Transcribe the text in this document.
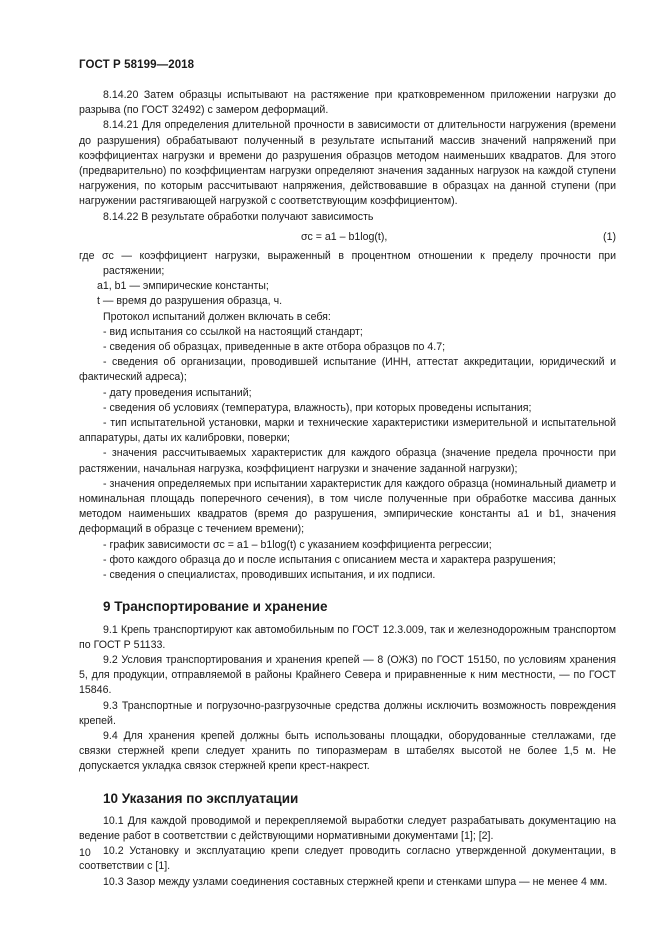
ГОСТ Р 58199—2018

8.14.20 Затем образцы испытывают на растяжение при кратковременном приложении нагрузки до разрыва (по ГОСТ 32492) с замером деформаций.

8.14.21 Для определения длительной прочности в зависимости от длительности нагружения (времени до разрушения) обрабатывают полученный в результате испытаний массив значений напряжений при коэффициентах нагрузки и времени до разрушения образцов методом наименьших квадратов. Для этого (предварительно) по коэффициентам нагрузки определяют значения заданных нагрузок на каждой ступени нагружения, по которым рассчитывают напряжения, действовавшие в образцах на данной ступени (при нагружении растягивающей нагрузкой с соответствующим коэффициентом).

8.14.22 В результате обработки получают зависимость

σc = a1 – b1log(t),	(1)

где σc — коэффициент нагрузки, выраженный в процентном отношении к пределу прочности при растяжении;

a1, b1 — эмпирические константы;

t — время до разрушения образца, ч.

Протокол испытаний должен включать в себя:

- вид испытания со ссылкой на настоящий стандарт;

- сведения об образцах, приведенные в акте отбора образцов по 4.7;

- сведения об организации, проводившей испытание (ИНН, аттестат аккредитации, юридический и фактический адреса);

- дату проведения испытаний;

- сведения об условиях (температура, влажность), при которых проведены испытания;

- тип испытательной установки, марки и технические характеристики измерительной и испытательной аппаратуры, даты их калибровки, поверки;

- значения рассчитываемых характеристик для каждого образца (значение предела прочности при растяжении, начальная нагрузка, коэффициент нагрузки и значение заданной нагрузки);

- значения определяемых при испытании характеристик для каждого образца (номинальный диаметр и номинальная площадь поперечного сечения), в том числе полученные при обработке массива данных методом наименьших квадратов (время до разрушения, эмпирические константы a1 и b1, значения деформаций в образце с течением времени);

- график зависимости σc = a1 – b1log(t) с указанием коэффициента регрессии;

- фото каждого образца до и после испытания с описанием места и характера разрушения;

- сведения о специалистах, проводивших испытания, и их подписи.

9 Транспортирование и хранение

9.1 Крепь транспортируют как автомобильным по ГОСТ 12.3.009, так и железнодорожным транспортом по ГОСТ Р 51133.

9.2 Условия транспортирования и хранения крепей — 8 (ОЖ3) по ГОСТ 15150, по условиям хранения 5, для продукции, отправляемой в районы Крайнего Севера и приравненные к ним местности, — по ГОСТ 15846.

9.3 Транспортные и погрузочно-разгрузочные средства должны исключить возможность повреждения крепей.

9.4 Для хранения крепей должны быть использованы площадки, оборудованные стеллажами, где связки стержней крепи следует хранить по типоразмерам в штабелях высотой не более 1,5 м. Не допускается укладка связок стержней крепи крест-накрест.

10 Указания по эксплуатации

10.1 Для каждой проводимой и перекрепляемой выработки следует разрабатывать документацию на ведение работ в соответствии с действующими нормативными документами [1]; [2].

10.2 Установку и эксплуатацию крепи следует проводить согласно утвержденной документации, в соответствии с [1].

10.3 Зазор между узлами соединения составных стержней крепи и стенками шпура — не менее 4 мм.

10
